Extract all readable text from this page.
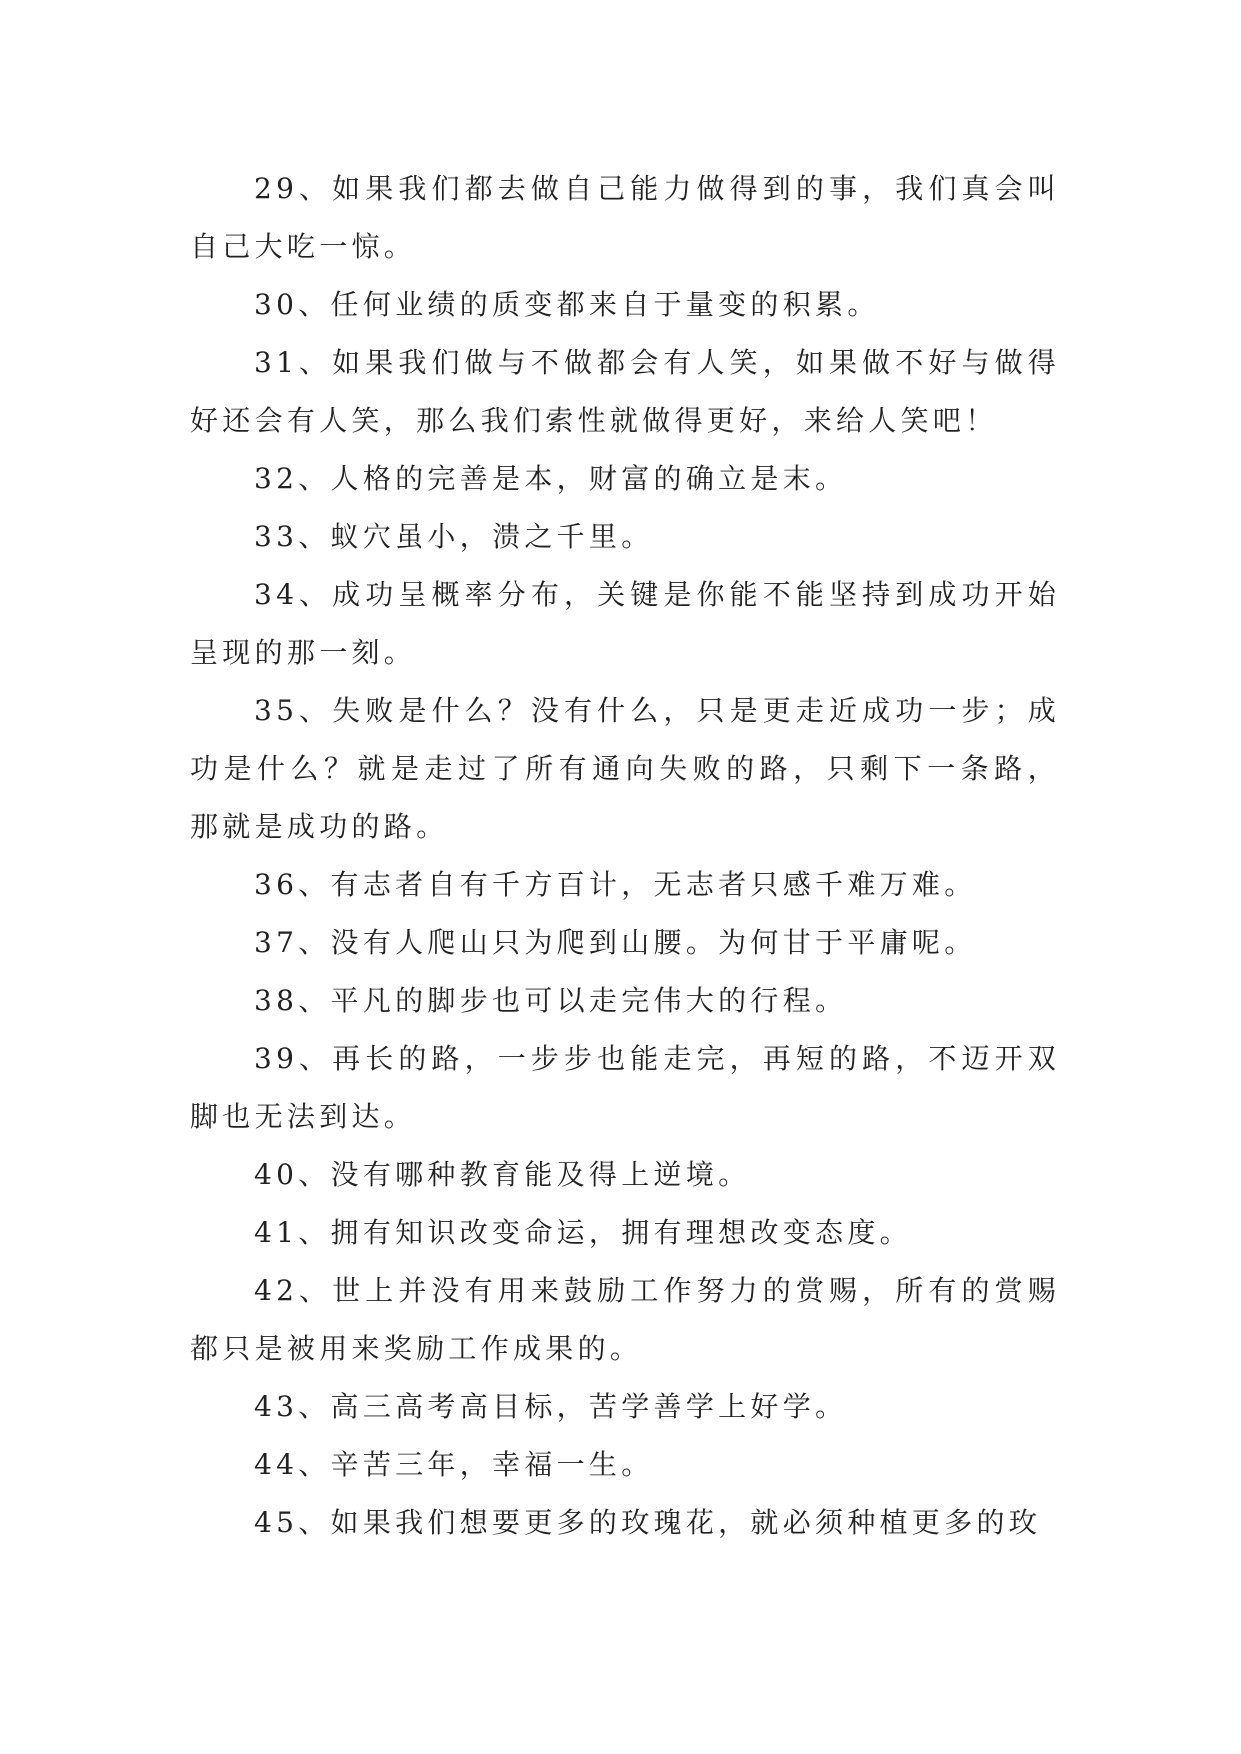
29、如果我们都去做自己能力做得到的事，我们真会叫自己大吃一惊。

30、任何业绩的质变都来自于量变的积累。

31、如果我们做与不做都会有人笑，如果做不好与做得好还会有人笑，那么我们索性就做得更好，来给人笑吧！

32、人格的完善是本，财富的确立是末。

33、蚁穴虽小，溃之千里。

34、成功呈概率分布，关键是你能不能坚持到成功开始呈现的那一刻。

35、失败是什么？没有什么，只是更走近成功一步；成功是什么？就是走过了所有通向失败的路，只剩下一条路，那就是成功的路。

36、有志者自有千方百计，无志者只感千难万难。

37、没有人爬山只为爬到山腰。为何甘于平庸呢。

38、平凡的脚步也可以走完伟大的行程。

39、再长的路，一步步也能走完，再短的路，不迈开双脚也无法到达。

40、没有哪种教育能及得上逆境。

41、拥有知识改变命运，拥有理想改变态度。

42、世上并没有用来鼓励工作努力的赏赐，所有的赏赐都只是被用来奖励工作成果的。

43、高三高考高目标，苦学善学上好学。

44、辛苦三年，幸福一生。

45、如果我们想要更多的玫瑰花，就必须种植更多的玫
